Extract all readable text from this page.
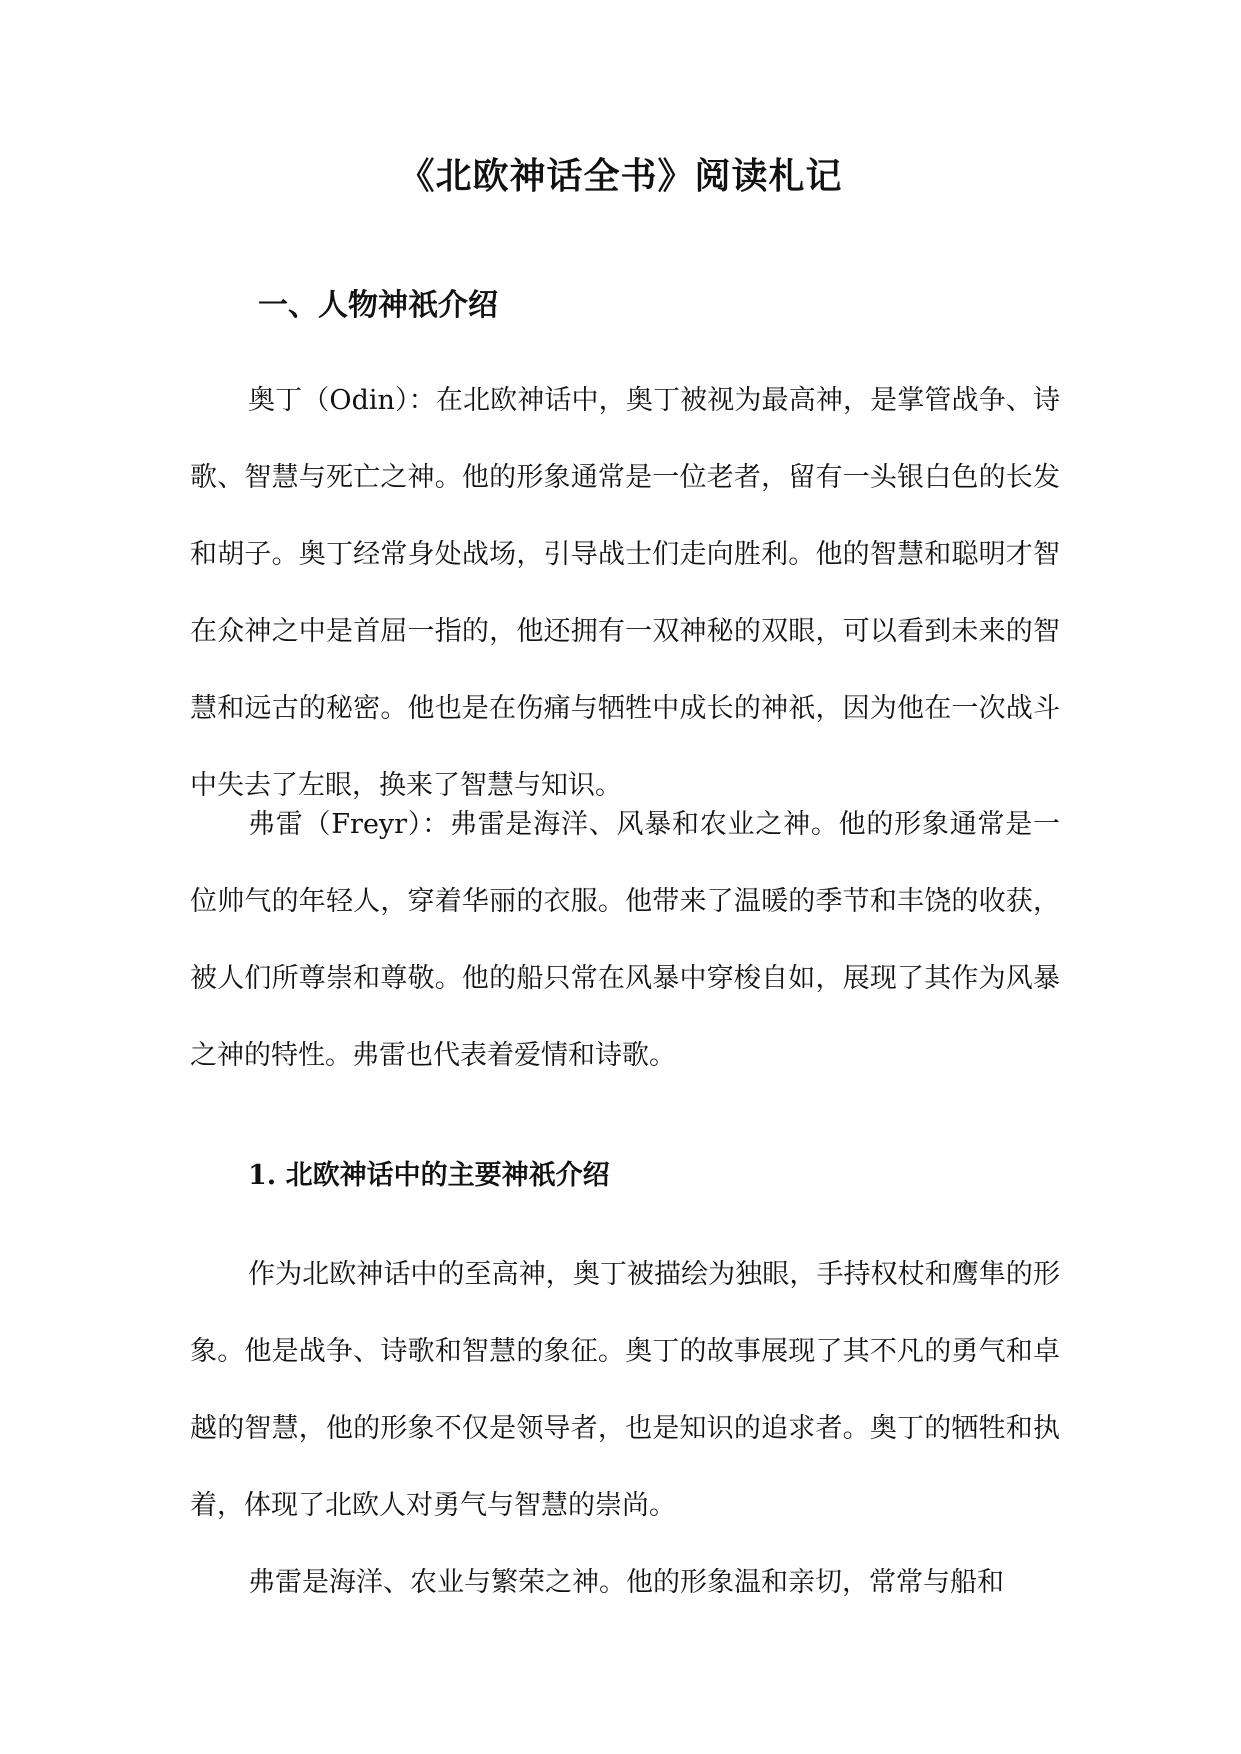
《北欧神话全书》阅读札记
一、人物神祇介绍

奥丁（Odin）：在北欧神话中，奥丁被视为最高神，是掌管战争、诗歌、智慧与死亡之神。他的形象通常是一位老者，留有一头银白色的长发和胡子。奥丁经常身处战场，引导战士们走向胜利。他的智慧和聪明才智在众神之中是首屈一指的，他还拥有一双神秘的双眼，可以看到未来的智慧和远古的秘密。他也是在伤痛与牺牲中成长的神祇，因为他在一次战斗中失去了左眼，换来了智慧与知识。

弗雷（Freyr）：弗雷是海洋、风暴和农业之神。他的形象通常是一位帅气的年轻人，穿着华丽的衣服。他带来了温暖的季节和丰饶的收获，被人们所尊崇和尊敬。他的船只常在风暴中穿梭自如，展现了其作为风暴之神的特性。弗雷也代表着爱情和诗歌。

1. 北欧神话中的主要神祇介绍

作为北欧神话中的至高神，奥丁被描绘为独眼，手持权杖和鹰隼的形象。他是战争、诗歌和智慧的象征。奥丁的故事展现了其不凡的勇气和卓越的智慧，他的形象不仅是领导者，也是知识的追求者。奥丁的牺牲和执着，体现了北欧人对勇气与智慧的崇尚。

弗雷是海洋、农业与繁荣之神。他的形象温和亲切，常常与船和
